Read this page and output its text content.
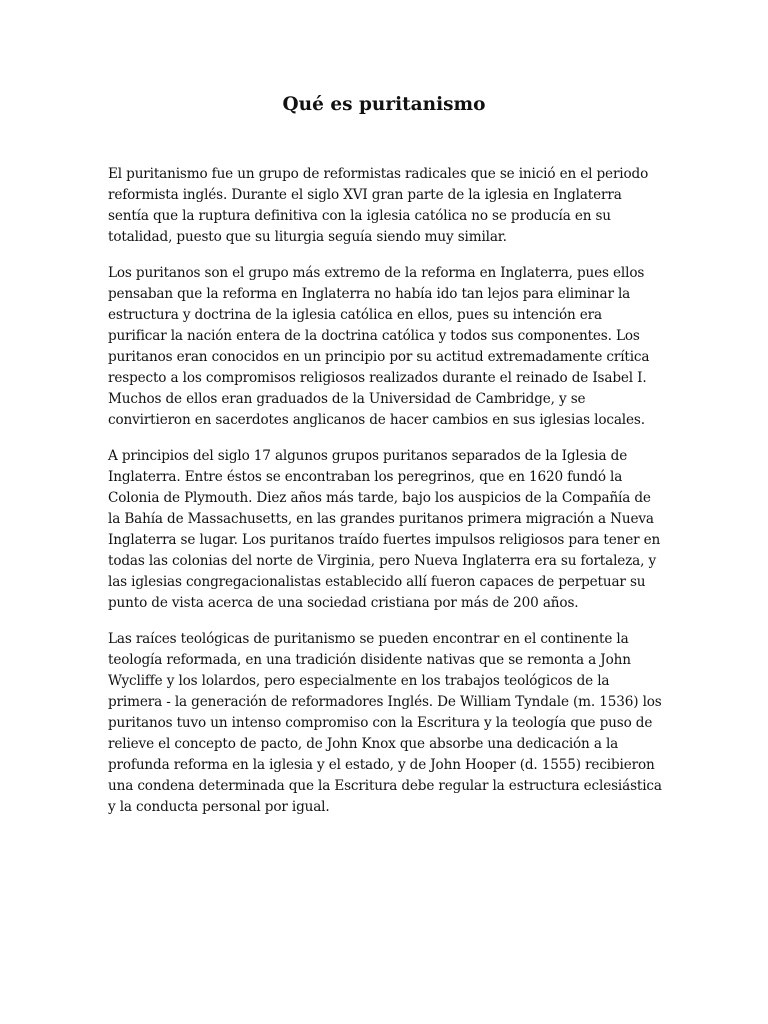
Qué es puritanismo

El puritanismo fue un grupo de reformistas radicales que se inició en el periodo reformista inglés. Durante el siglo XVI gran parte de la iglesia en Inglaterra sentía que la ruptura definitiva con la iglesia católica no se producía en su totalidad, puesto que su liturgia seguía siendo muy similar.

Los puritanos son el grupo más extremo de la reforma en Inglaterra, pues ellos pensaban que la reforma en Inglaterra no había ido tan lejos para eliminar la estructura y doctrina de la iglesia católica en ellos, pues su intención era purificar la nación entera de la doctrina católica y todos sus componentes. Los puritanos eran conocidos en un principio por su actitud extremadamente crítica respecto a los compromisos religiosos realizados durante el reinado de Isabel I. Muchos de ellos eran graduados de la Universidad de Cambridge, y se convirtieron en sacerdotes anglicanos de hacer cambios en sus iglesias locales.

A principios del siglo 17 algunos grupos puritanos separados de la Iglesia de Inglaterra. Entre éstos se encontraban los peregrinos, que en 1620 fundó la Colonia de Plymouth. Diez años más tarde, bajo los auspicios de la Compañía de la Bahía de Massachusetts, en las grandes puritanos primera migración a Nueva Inglaterra se lugar. Los puritanos traído fuertes impulsos religiosos para tener en todas las colonias del norte de Virginia, pero Nueva Inglaterra era su fortaleza, y las iglesias congregacionalistas establecido allí fueron capaces de perpetuar su punto de vista acerca de una sociedad cristiana por más de 200 años.

Las raíces teológicas de puritanismo se pueden encontrar en el continente la teología reformada, en una tradición disidente nativas que se remonta a John Wycliffe y los lolardos, pero especialmente en los trabajos teológicos de la primera - la generación de reformadores Inglés. De William Tyndale (m. 1536) los puritanos tuvo un intenso compromiso con la Escritura y la teología que puso de relieve el concepto de pacto, de John Knox que absorbe una dedicación a la profunda reforma en la iglesia y el estado, y de John Hooper (d. 1555) recibieron una condena determinada que la Escritura debe regular la estructura eclesiástica y la conducta personal por igual.
